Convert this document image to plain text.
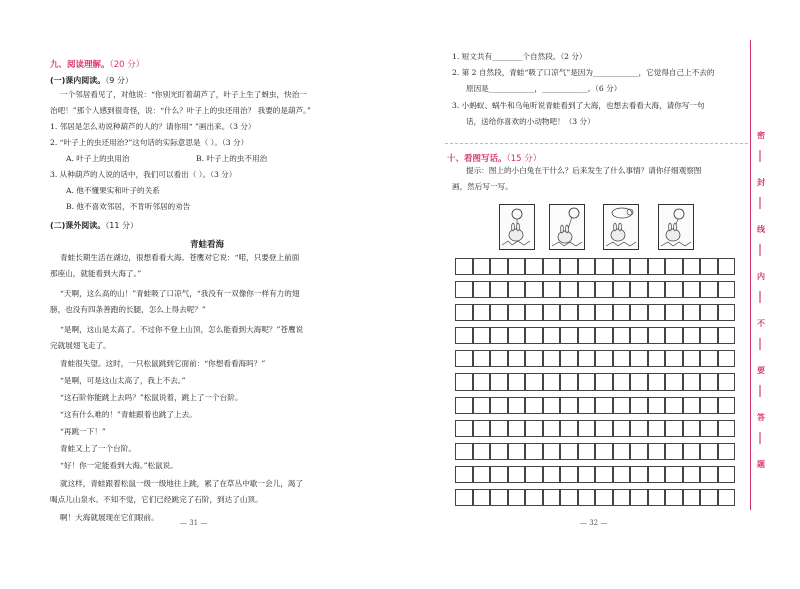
九、阅读理解。（20 分）
(一)课内阅读。（9 分）
一个邻居看见了，对他说：“你别光盯着葫芦了，叶子上生了蚜虫，快治一
治吧！”那个人感到很奇怪，说：“什么？叶子上的虫还用治？ 我要的是葫芦。”
1. 邻居是怎么劝说种葫芦的人的？请你用“ ”画出来。（3 分）
2. “叶子上的虫还用治?”这句话的实际意思是（ ）。（3 分）
A. 叶子上的虫用治	B. 叶子上的虫不用治
3. 从种葫芦的人说的话中，我们可以看出（ ）。（3 分）
A. 他不懂果实和叶子的关系
B. 他不喜欢邻居，不肯听邻居的劝告
(二)课外阅读。（11 分）
青蛙看海
青蛙长期生活在湖边，很想看看大海。苍鹰对它说：“喏，只要登上前面
那座山，就能看到大海了。”
“天啊，这么高的山！”青蛙吸了口凉气，“我没有一双像你一样有力的翅
膀，也没有四条善跑的长腿，怎么上得去呢？”
“是啊，这山是太高了。不过你不登上山顶，怎么能看到大海呢？”苍鹰说
完就展翅飞走了。
青蛙很失望。这时，一只松鼠跳到它面前：“你想看看海吗？”
“是啊，可是这山太高了，我上不去。”
“这石阶你能跳上去吗？”松鼠说着，跳上了一个台阶。
“这有什么难的！”青蛙跟着也跳了上去。
“再跳一下！”
青蛙又上了一个台阶。
“好！你一定能看到大海。”松鼠说。
就这样，青蛙跟着松鼠一级一级地往上跳，累了在草丛中歇一会儿，渴了
喝点儿山泉水。不知不觉，它们已经跳完了石阶，到达了山顶。
啊！大海就展现在它们眼前。
— 31 —
1. 短文共有________个自然段。（2 分）
2. 第 2 自然段，青蛙“吸了口凉气”是因为____________，它觉得自己上不去的
原因是____________，____________。（6 分）
3. 小蚂蚁、蜗牛和乌龟听说青蛙看到了大海，也想去看看大海，请你写一句
话，送给你喜欢的小动物吧！（3 分）
十、看图写话。（15 分）
提示：图上的小白兔在干什么？后来发生了什么事情？请你仔细观察图
画，然后写一写。
— 32 —
密
封
线
内
不
要
答
题
